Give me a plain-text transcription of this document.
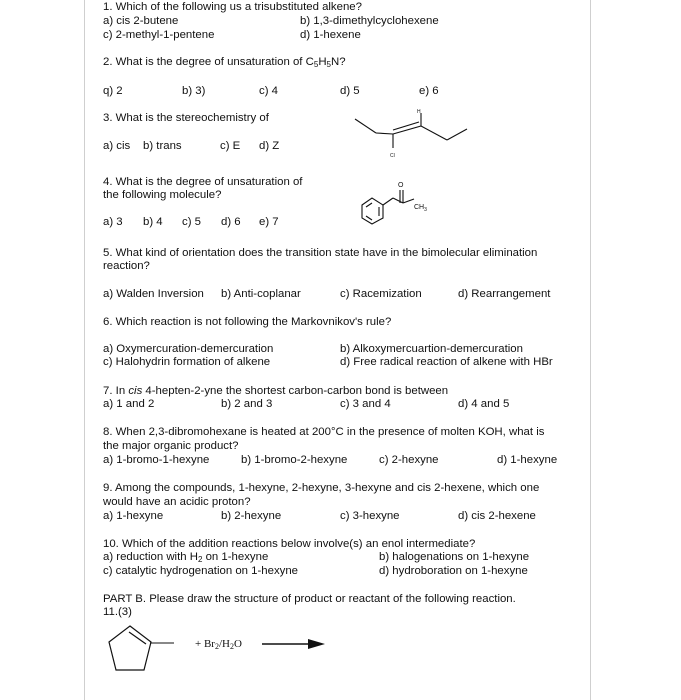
1. Which of the following us a trisubstituted alkene?
a) cis 2-butene	b) 1,3-dimethylcyclohexene
c) 2-methyl-1-pentene	d) 1-hexene
2. What is the degree of unsaturation of $C_5H_5N$?
q) 2	b) 3)	c) 4	d) 5	e) 6
3. What is the stereochemistry of
a) cis b) trans	c) E d) Z
H
Cl
4. What is the degree of unsaturation of
the following molecule?
a) 3 b) 4 c) 5 d) 6 e) 7
O
$CH_3$
5. What kind of orientation does the transition state have in the bimolecular elimination
reaction?
a) Walden Inversion b) Anti-coplanar	c) Racemization	d) Rearrangement
6. Which reaction is not following the Markovnikov's rule?
a) Oxymercuration-demercuration	b) Alkoxymercuartion-demercuration
c) Halohydrin formation of alkene	d) Free radical reaction of alkene with HBr
7. In cis 4-hepten-2-yne the shortest carbon-carbon bond is between
a) 1 and 2	b) 2 and 3	c) 3 and 4	d) 4 and 5
8. When 2,3-dibromohexane is heated at 200°C in the presence of molten KOH, what is
the major organic product?
a) 1-bromo-1-hexyne	b) 1-bromo-2-hexyne	c) 2-hexyne	d) 1-hexyne
9. Among the compounds, 1-hexyne, 2-hexyne, 3-hexyne and cis 2-hexene, which one
would have an acidic proton?
a) 1-hexyne	b) 2-hexyne	c) 3-hexyne	d) cis 2-hexene
10. Which of the addition reactions below involve(s) an enol intermediate?
a) reduction with $H_2$ on 1-hexyne	b) halogenations on 1-hexyne
c) catalytic hydrogenation on 1-hexyne	d) hydroboration on 1-hexyne
PART B. Please draw the structure of product or reactant of the following reaction.
11.(3)
+ $Br_2/H_2O$
